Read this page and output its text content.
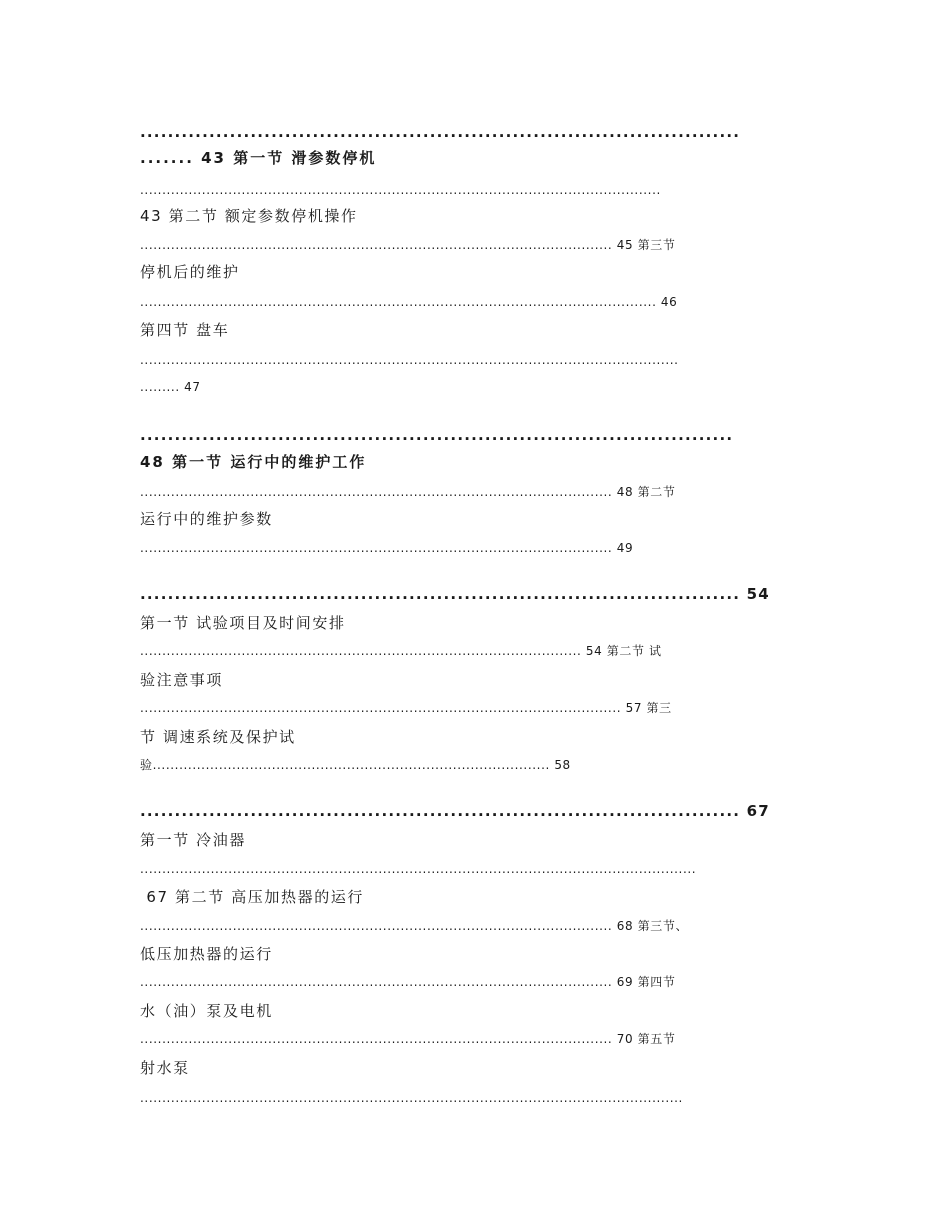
.......................................................................................
....... 43 第一节 滑参数停机
......................................................................................................................
43 第二节 额定参数停机操作
........................................................................................................... 45 第三节
停机后的维护
..................................................................................................................... 46
第四节 盘车
..........................................................................................................................
......... 47
......................................................................................
48 第一节 运行中的维护工作
........................................................................................................... 48 第二节
运行中的维护参数
........................................................................................................... 49
....................................................................................... 54
第一节 试验项目及时间安排
.................................................................................................... 54 第二节 试
验注意事项
............................................................................................................. 57 第三
节 调速系统及保护试
验.......................................................................................... 58
....................................................................................... 67
第一节 冷油器
..............................................................................................................................
67 第二节 高压加热器的运行
........................................................................................................... 68 第三节、
低压加热器的运行
........................................................................................................... 69 第四节
水（油）泵及电机
........................................................................................................... 70 第五节
射水泵
...........................................................................................................................
